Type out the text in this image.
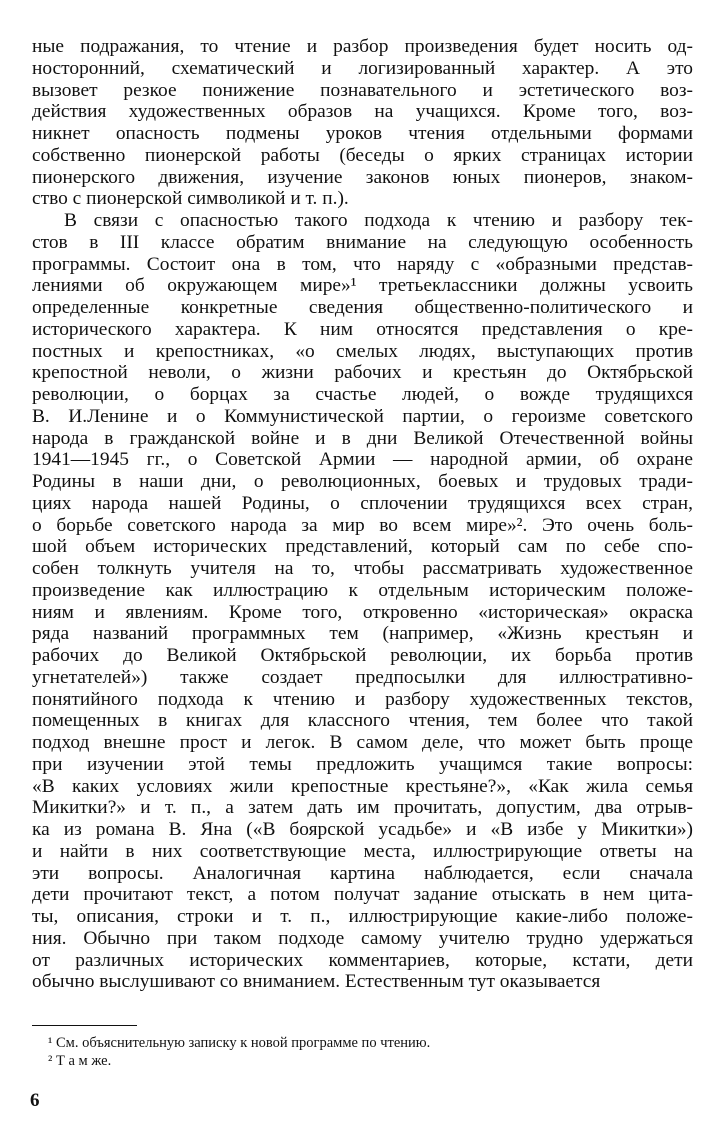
ные подражания, то чтение и разбор произведения будет носить од-
носторонний, схематический и логизированный характер. А это
вызовет резкое понижение познавательного и эстетического воз-
действия художественных образов на учащихся. Кроме того, воз-
никнет опасность подмены уроков чтения отдельными формами
собственно пионерской работы (беседы о ярких страницах истории
пионерского движения, изучение законов юных пионеров, знаком-
ство с пионерской символикой и т. п.).
В связи с опасностью такого подхода к чтению и разбору тек-
стов в III классе обратим внимание на следующую особенность
программы. Состоит она в том, что наряду с «образными представ-
лениями об окружающем мире»¹ третьеклассники должны усвоить
определенные конкретные сведения общественно-политического и
исторического характера. К ним относятся представления о кре-
постных и крепостниках, «о смелых людях, выступающих против
крепостной неволи, о жизни рабочих и крестьян до Октябрьской
революции, о борцах за счастье людей, о вожде трудящихся
В. И.Ленине и о Коммунистической партии, о героизме советского
народа в гражданской войне и в дни Великой Отечественной войны
1941—1945 гг., о Советской Армии — народной армии, об охране
Родины в наши дни, о революционных, боевых и трудовых тради-
циях народа нашей Родины, о сплочении трудящихся всех стран,
о борьбе советского народа за мир во всем мире»². Это очень боль-
шой объем исторических представлений, который сам по себе спо-
собен толкнуть учителя на то, чтобы рассматривать художественное
произведение как иллюстрацию к отдельным историческим положе-
ниям и явлениям. Кроме того, откровенно «историческая» окраска
ряда названий программных тем (например, «Жизнь крестьян и
рабочих до Великой Октябрьской революции, их борьба против
угнетателей») также создает предпосылки для иллюстративно-
понятийного подхода к чтению и разбору художественных текстов,
помещенных в книгах для классного чтения, тем более что такой
подход внешне прост и легок. В самом деле, что может быть проще
при изучении этой темы предложить учащимся такие вопросы:
«В каких условиях жили крепостные крестьяне?», «Как жила семья
Микитки?» и т. п., а затем дать им прочитать, допустим, два отрыв-
ка из романа В. Яна («В боярской усадьбе» и «В избе у Микитки»)
и найти в них соответствующие места, иллюстрирующие ответы на
эти вопросы. Аналогичная картина наблюдается, если сначала
дети прочитают текст, а потом получат задание отыскать в нем цита-
ты, описания, строки и т. п., иллюстрирующие какие-либо положе-
ния. Обычно при таком подходе самому учителю трудно удержаться
от различных исторических комментариев, которые, кстати, дети
обычно выслушивают со вниманием. Естественным тут оказывается
¹ См. объяснительную записку к новой программе по чтению.
² Т а м же.
6
